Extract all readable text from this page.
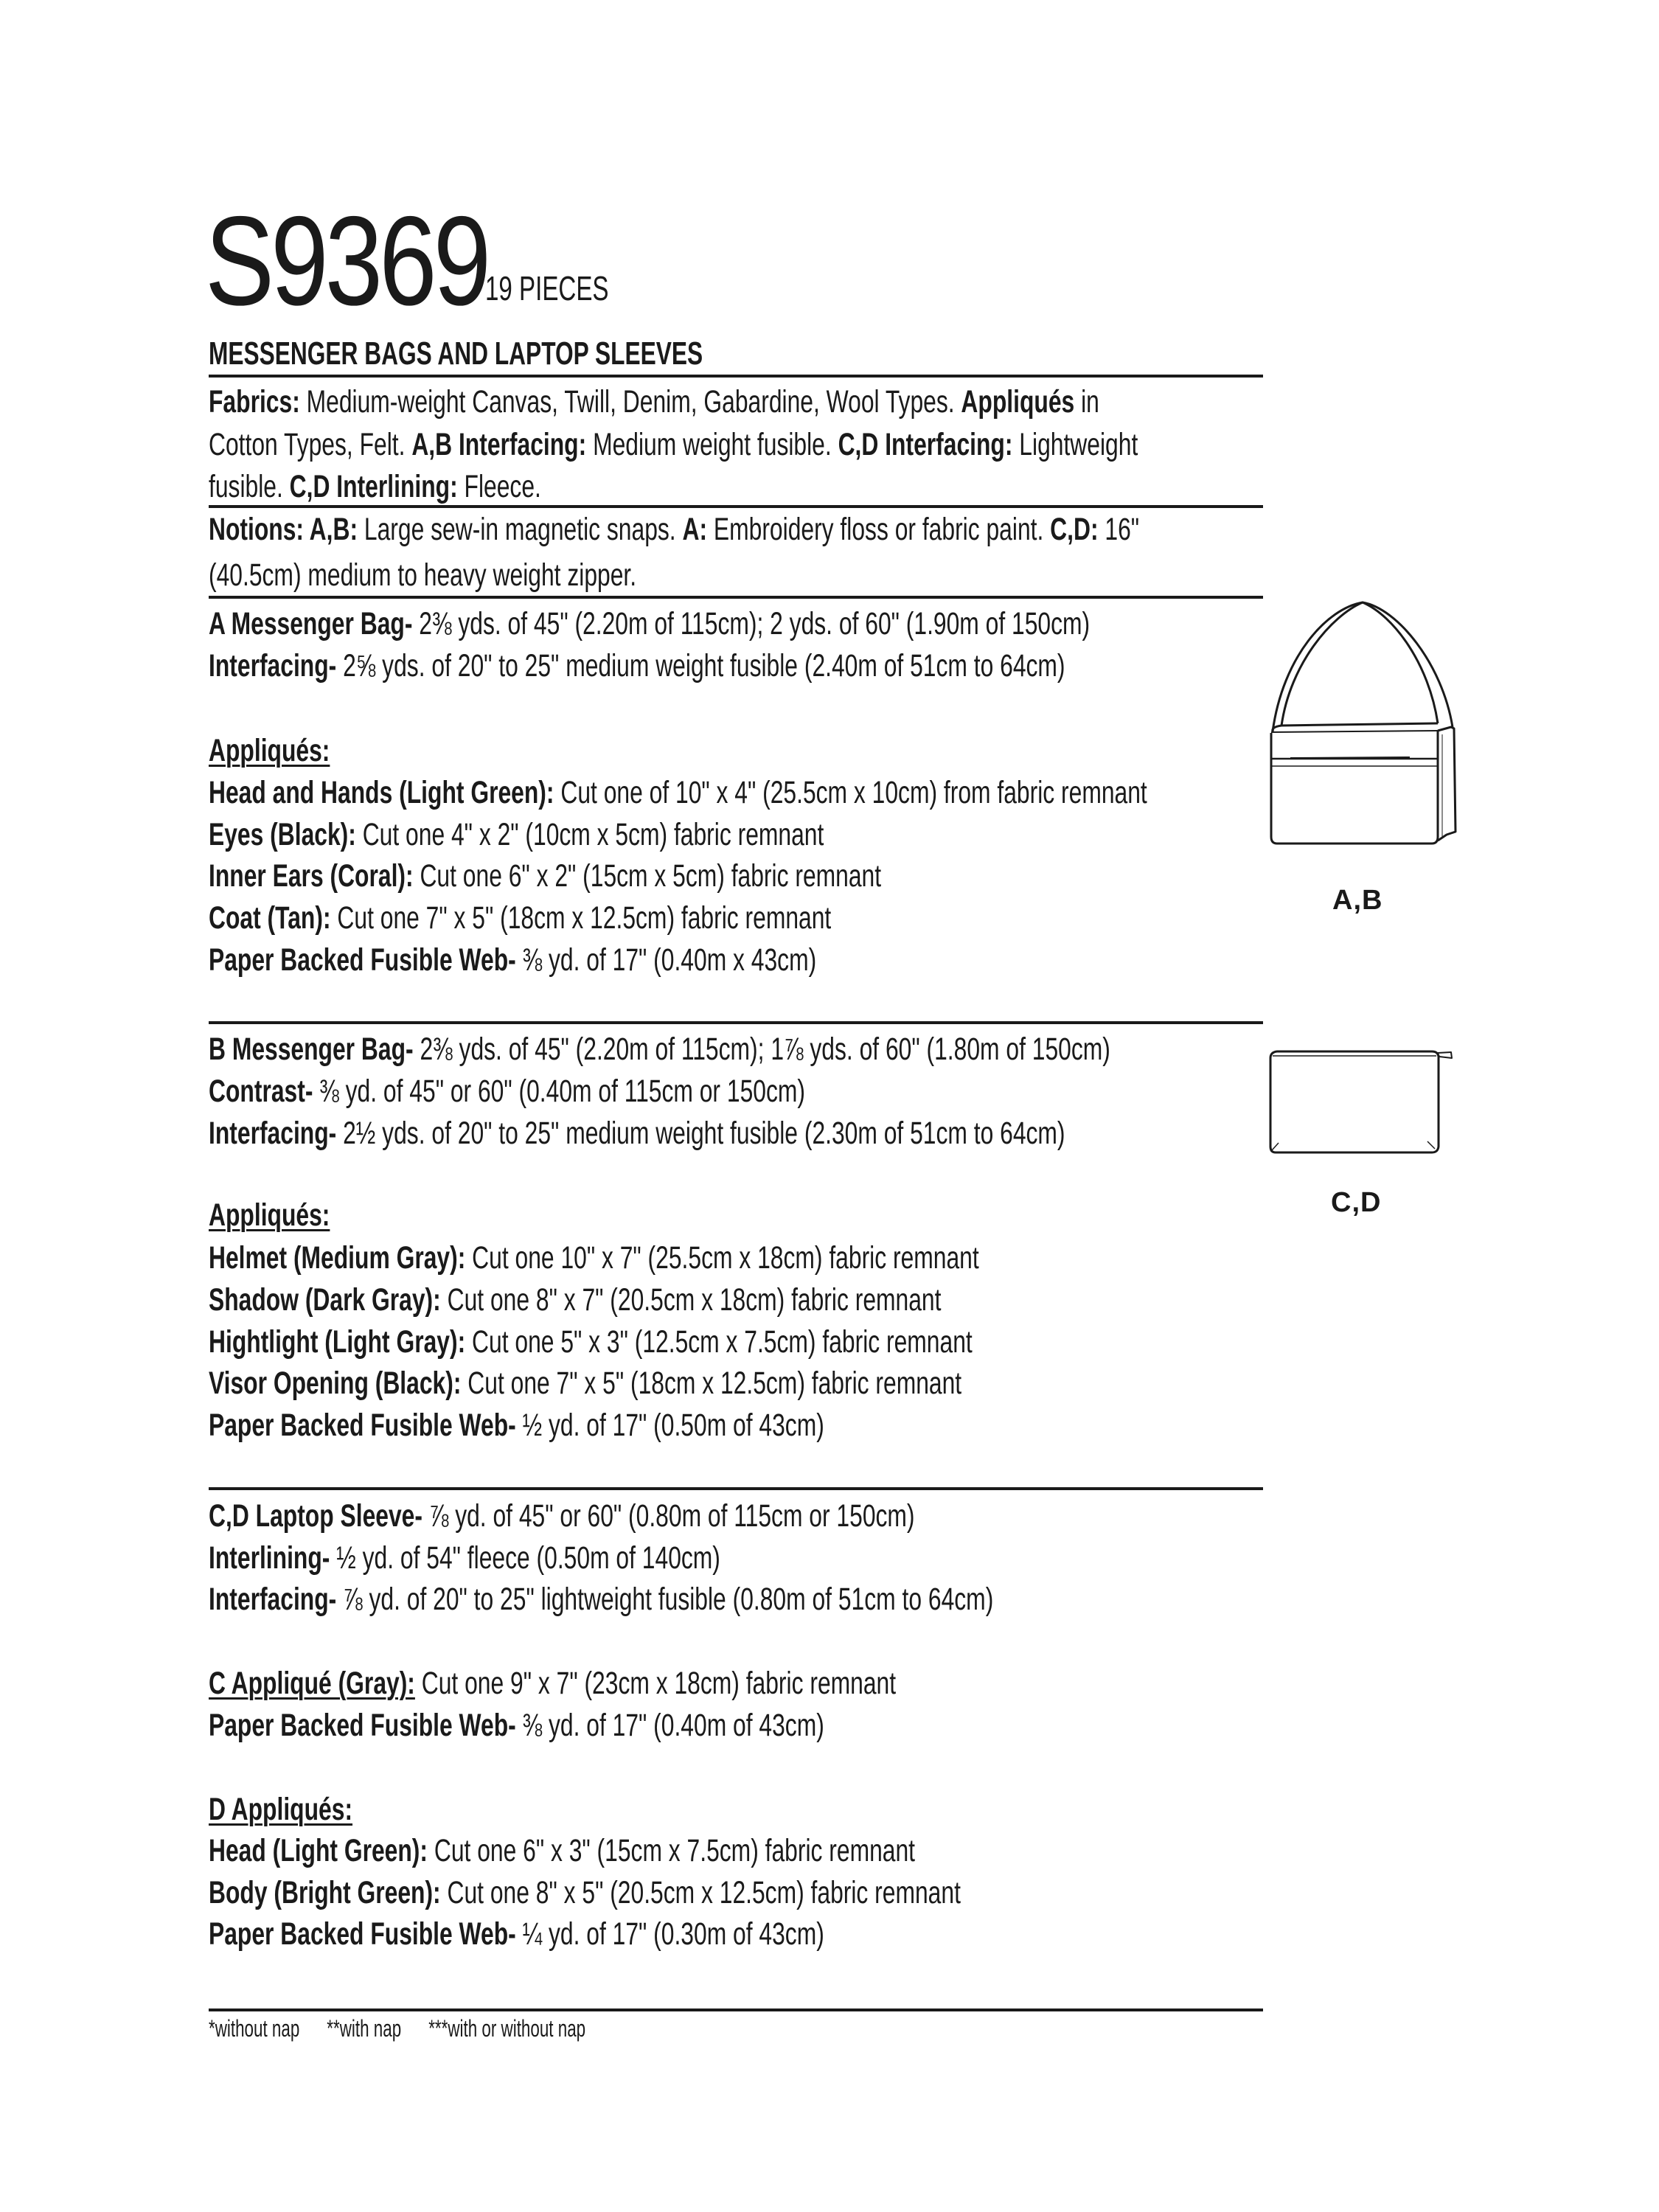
S9369
19 PIECES
MESSENGER BAGS AND LAPTOP SLEEVES
Fabrics: Medium-weight Canvas, Twill, Denim, Gabardine, Wool Types. Appliqués in
Cotton Types, Felt. A,B Interfacing: Medium weight fusible. C,D Interfacing: Lightweight
fusible. C,D Interlining: Fleece.
Notions: A,B: Large sew-in magnetic snaps. A: Embroidery floss or fabric paint. C,D: 16"
(40.5cm) medium to heavy weight zipper.
A Messenger Bag- 2⅜ yds. of 45" (2.20m of 115cm); 2 yds. of 60" (1.90m of 150cm)
Interfacing- 2⅝ yds. of 20" to 25" medium weight fusible (2.40m of 51cm to 64cm)
Appliqués:
Head and Hands (Light Green): Cut one of 10" x 4" (25.5cm x 10cm) from fabric remnant
Eyes (Black): Cut one 4" x 2" (10cm x 5cm) fabric remnant
Inner Ears (Coral): Cut one 6" x 2" (15cm x 5cm) fabric remnant
Coat (Tan): Cut one 7" x 5" (18cm x 12.5cm) fabric remnant
Paper Backed Fusible Web- ⅜ yd. of 17" (0.40m x 43cm)
B Messenger Bag- 2⅜ yds. of 45" (2.20m of 115cm); 1⅞ yds. of 60" (1.80m of 150cm)
Contrast- ⅜ yd. of 45" or 60" (0.40m of 115cm or 150cm)
Interfacing- 2½ yds. of 20" to 25" medium weight fusible (2.30m of 51cm to 64cm)
Appliqués:
Helmet (Medium Gray): Cut one 10" x 7" (25.5cm x 18cm) fabric remnant
Shadow (Dark Gray): Cut one 8" x 7" (20.5cm x 18cm) fabric remnant
Hightlight (Light Gray): Cut one 5" x 3" (12.5cm x 7.5cm) fabric remnant
Visor Opening (Black): Cut one 7" x 5" (18cm x 12.5cm) fabric remnant
Paper Backed Fusible Web- ½ yd. of 17" (0.50m of 43cm)
C,D Laptop Sleeve- ⅞ yd. of 45" or 60" (0.80m of 115cm or 150cm)
Interlining- ½ yd. of 54" fleece (0.50m of 140cm)
Interfacing- ⅞ yd. of 20" to 25" lightweight fusible (0.80m of 51cm to 64cm)
C Appliqué (Gray): Cut one 9" x 7" (23cm x 18cm) fabric remnant
Paper Backed Fusible Web- ⅜ yd. of 17" (0.40m of 43cm)
D Appliqués:
Head (Light Green): Cut one 6" x 3" (15cm x 7.5cm) fabric remnant
Body (Bright Green): Cut one 8" x 5" (20.5cm x 12.5cm) fabric remnant
Paper Backed Fusible Web- ¼ yd. of 17" (0.30m of 43cm)
*without nap **with nap ***with or without nap
A,B
C,D
